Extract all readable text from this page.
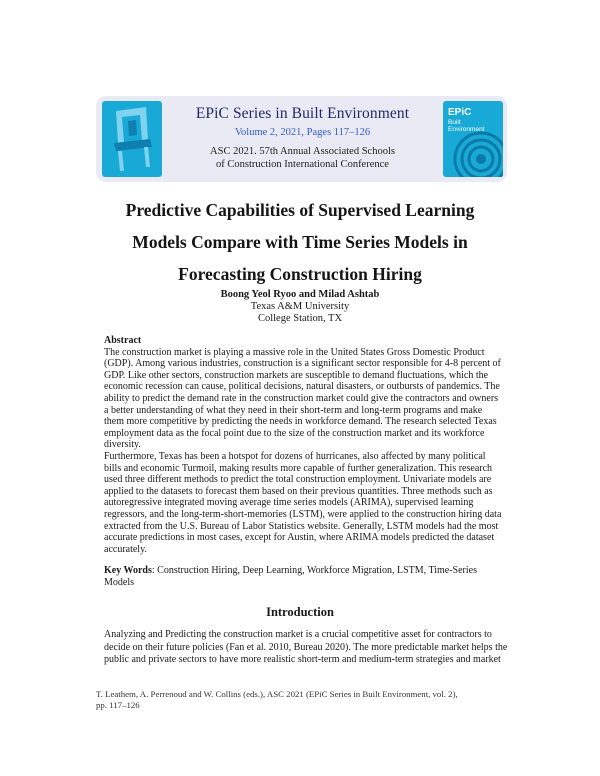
EPiC Series in Built Environment
Volume 2, 2021, Pages 117–126
ASC 2021. 57th Annual Associated Schools
of Construction International Conference
EPiC
Built
Environment
Predictive Capabilities of Supervised Learning
Models Compare with Time Series Models in
Forecasting Construction Hiring
Boong Yeol Ryoo and Milad Ashtab
Texas A&M University
College Station, TX
Abstract

The construction market is playing a massive role in the United States Gross Domestic Product (GDP). Among various industries, construction is a significant sector responsible for 4-8 percent of GDP. Like other sectors, construction markets are susceptible to demand fluctuations, which the economic recession can cause, political decisions, natural disasters, or outbursts of pandemics. The ability to predict the demand rate in the construction market could give the contractors and owners a better understanding of what they need in their short-term and long-term programs and make them more competitive by predicting the needs in workforce demand. The research selected Texas employment data as the focal point due to the size of the construction market and its workforce diversity.

Furthermore, Texas has been a hotspot for dozens of hurricanes, also affected by many political bills and economic Turmoil, making results more capable of further generalization. This research used three different methods to predict the total construction employment. Univariate models are applied to the datasets to forecast them based on their previous quantities. Three methods such as autoregressive integrated moving average time series models (ARIMA), supervised learning regressors, and the long-term-short-memories (LSTM), were applied to the construction hiring data extracted from the U.S. Bureau of Labor Statistics website. Generally, LSTM models had the most accurate predictions in most cases, except for Austin, where ARIMA models predicted the dataset accurately.

Key Words: Construction Hiring, Deep Learning, Workforce Migration, LSTM, Time-Series Models
Introduction

Analyzing and Predicting the construction market is a crucial competitive asset for contractors to decide on their future policies (Fan et al. 2010, Bureau 2020). The more predictable market helps the public and private sectors to have more realistic short-term and medium-term strategies and market

T. Leathem, A. Perrenoud and W. Collins (eds.), ASC 2021 (EPiC Series in Built Environment, vol. 2),
pp. 117–126
